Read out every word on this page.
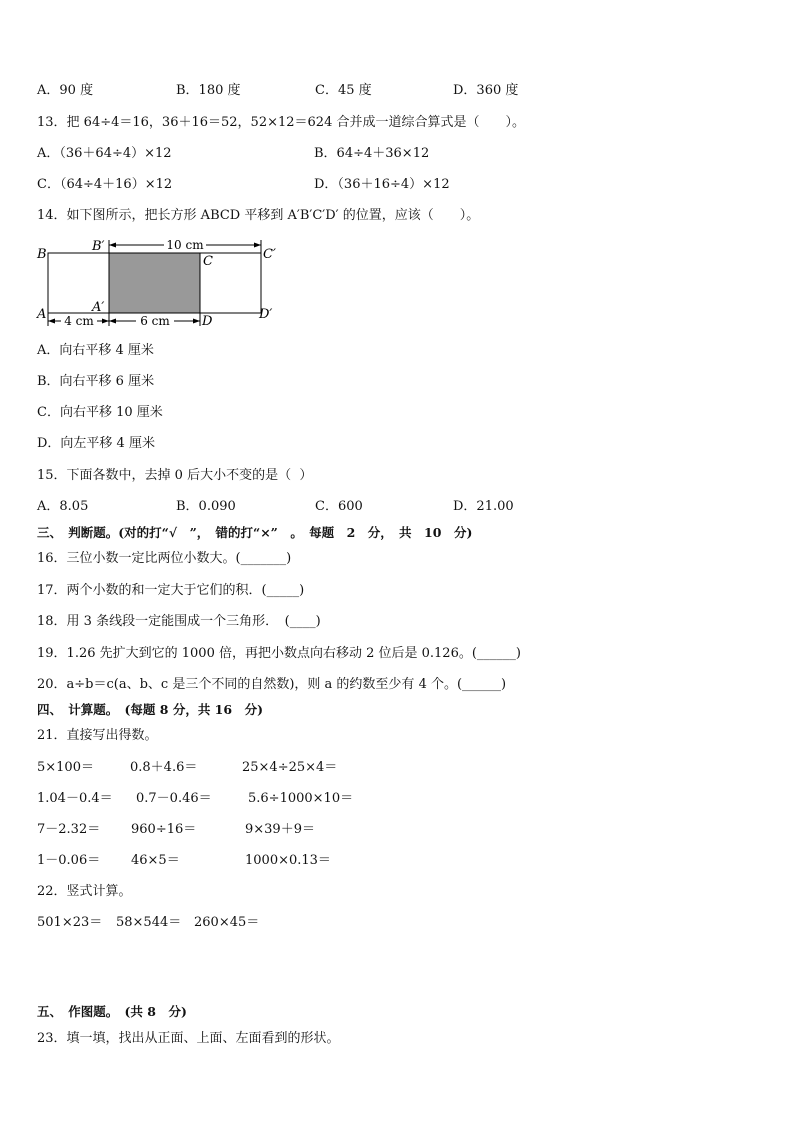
A．90 度	B．180 度	C．45 度	D．360 度
13．把 64÷4＝16，36＋16＝52，52×12＝624 合并成一道综合算式是（　　）。
A．（36＋64÷4）×12	B．64÷4＋36×12
C．（64÷4＋16）×12	D．（36＋16÷4）×12
14．如下图所示，把长方形 ABCD 平移到 A′B′C′D′ 的位置，应该（　　）。
10 cm
4 cm	6 cm
B
B′
C	C′
A	A′
D	D′
A．向右平移 4 厘米
B．向右平移 6 厘米
C．向右平移 10 厘米
D．向左平移 4 厘米
15．下面各数中，去掉 0 后大小不变的是（  ）
A．8.05	B．0.090	C．600	D．21.00
三、　判断题。(对的打“√　”，　错的打“×”　。　每题　2　分，　共　10　分)
16．三位小数一定比两位小数大。(_______)
17．两个小数的和一定大于它们的积．(_____)
18．用 3 条线段一定能围成一个三角形．　(____)
19．1.26 先扩大到它的 1000 倍，再把小数点向右移动 2 位后是 0.126。(______)
20．a÷b＝c(a、b、c 是三个不同的自然数)，则 a 的约数至少有 4 个。(______)
四、　计算题。　(每题 8 分，共 16　分)
21．直接写出得数。
5×100＝	0.8＋4.6＝	25×4÷25×4＝
1.04－0.4＝ 0.7－0.46＝	5.6÷1000×10＝
7－2.32＝ 960÷16＝	9×39＋9＝
1－0.06＝ 46×5＝	1000×0.13＝
22．竖式计算。
501×23＝ 58×544＝ 260×45＝
五、　作图题。　(共 8　分)
23．填一填，找出从正面、上面、左面看到的形状。
